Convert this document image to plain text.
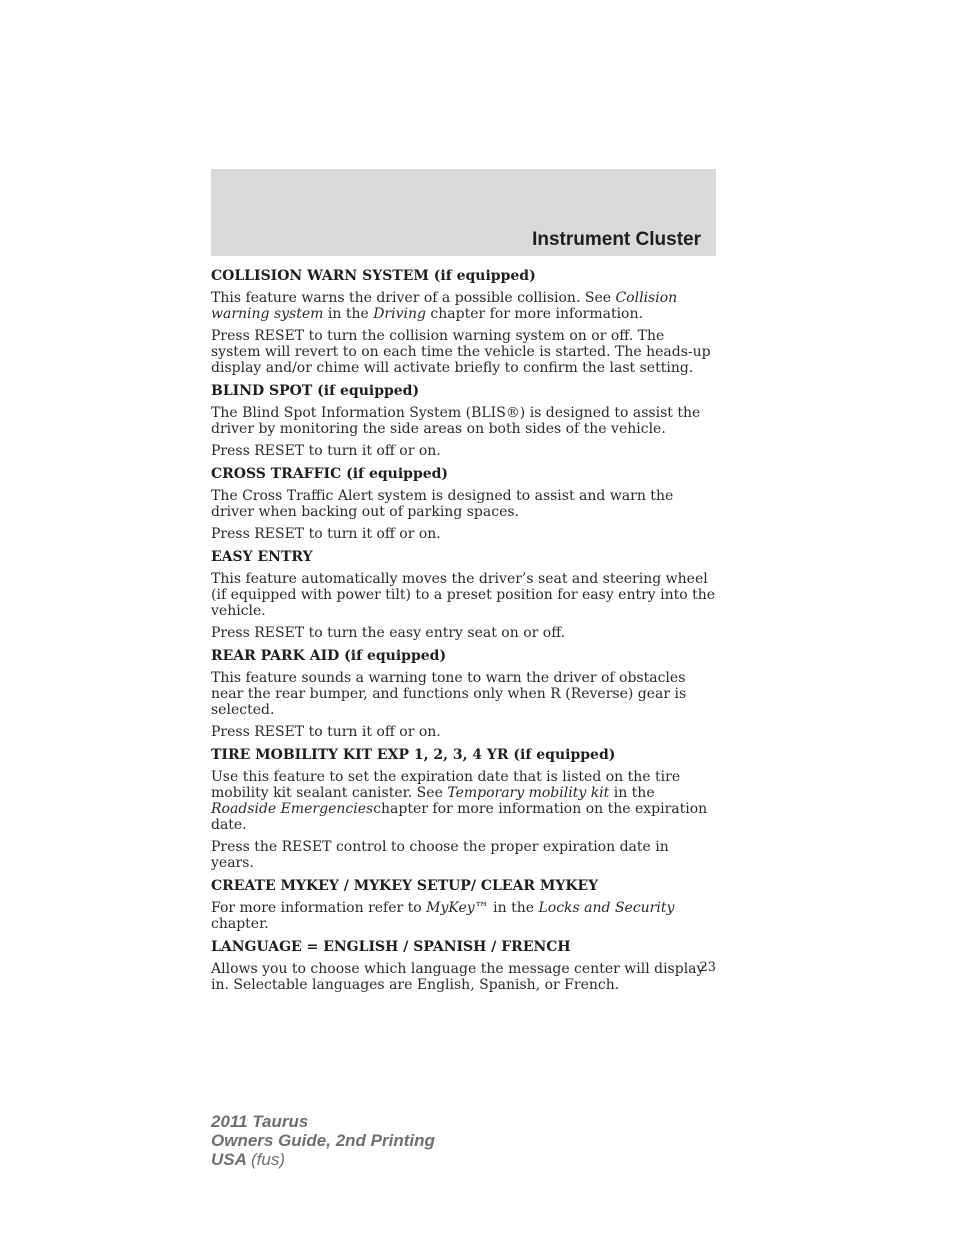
Instrument Cluster
COLLISION WARN SYSTEM (if equipped)

This feature warns the driver of a possible collision. See Collision warning system in the Driving chapter for more information.

Press RESET to turn the collision warning system on or off. The system will revert to on each time the vehicle is started. The heads-up display and/or chime will activate briefly to confirm the last setting.

BLIND SPOT (if equipped)

The Blind Spot Information System (BLIS®) is designed to assist the driver by monitoring the side areas on both sides of the vehicle.

Press RESET to turn it off or on.

CROSS TRAFFIC (if equipped)

The Cross Traffic Alert system is designed to assist and warn the driver when backing out of parking spaces.

Press RESET to turn it off or on.

EASY ENTRY

This feature automatically moves the driver’s seat and steering wheel (if equipped with power tilt) to a preset position for easy entry into the vehicle.

Press RESET to turn the easy entry seat on or off.

REAR PARK AID (if equipped)

This feature sounds a warning tone to warn the driver of obstacles near the rear bumper, and functions only when R (Reverse) gear is selected.

Press RESET to turn it off or on.

TIRE MOBILITY KIT EXP 1, 2, 3, 4 YR (if equipped)

Use this feature to set the expiration date that is listed on the tire mobility kit sealant canister. See Temporary mobility kit in the Roadside Emergencieschapter for more information on the expiration date.

Press the RESET control to choose the proper expiration date in years.

CREATE MYKEY / MYKEY SETUP/ CLEAR MYKEY

For more information refer to MyKey™ in the Locks and Security chapter.

LANGUAGE = ENGLISH / SPANISH / FRENCH

Allows you to choose which language the message center will display in. Selectable languages are English, Spanish, or French.

23
2011 Taurus
Owners Guide, 2nd Printing
USA (fus)
